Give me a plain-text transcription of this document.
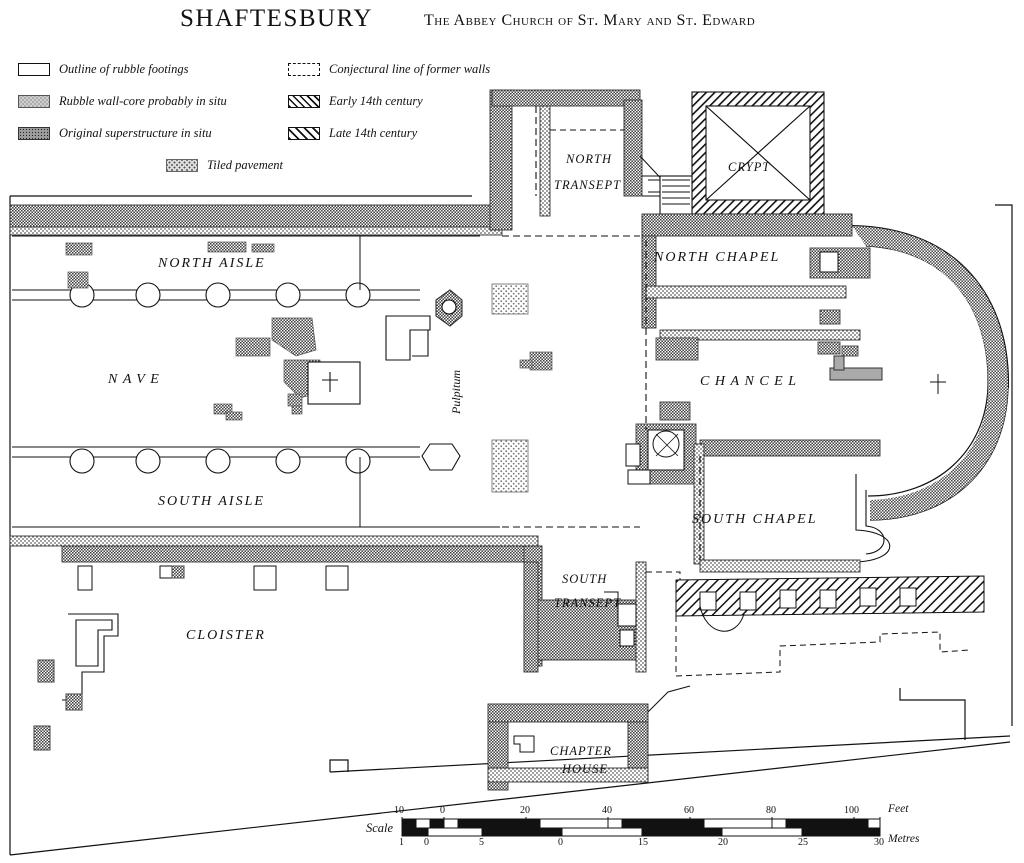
SHAFTESBURY	The Abbey Church of St. Mary and St. Edward
Outline of rubble footings	Conjectural line of former walls
Rubble wall-core probably in situ	Early 14th century
Original superstructure in situ	Late 14th century
Tiled pavement	NORTH
TRANSEPT
CRYPT
NORTH AISLE	NORTH CHAPEL
NAVE	CHANCEL
Pulpitum
SOUTH AISLE
SOUTH CHAPEL
SOUTH
TRANSEPT
CLOISTER
CHAPTER
HOUSE
Scale
Feet
Metres
10	0	20	40	60	80	100
1 0	5	0	15	20	25	30
